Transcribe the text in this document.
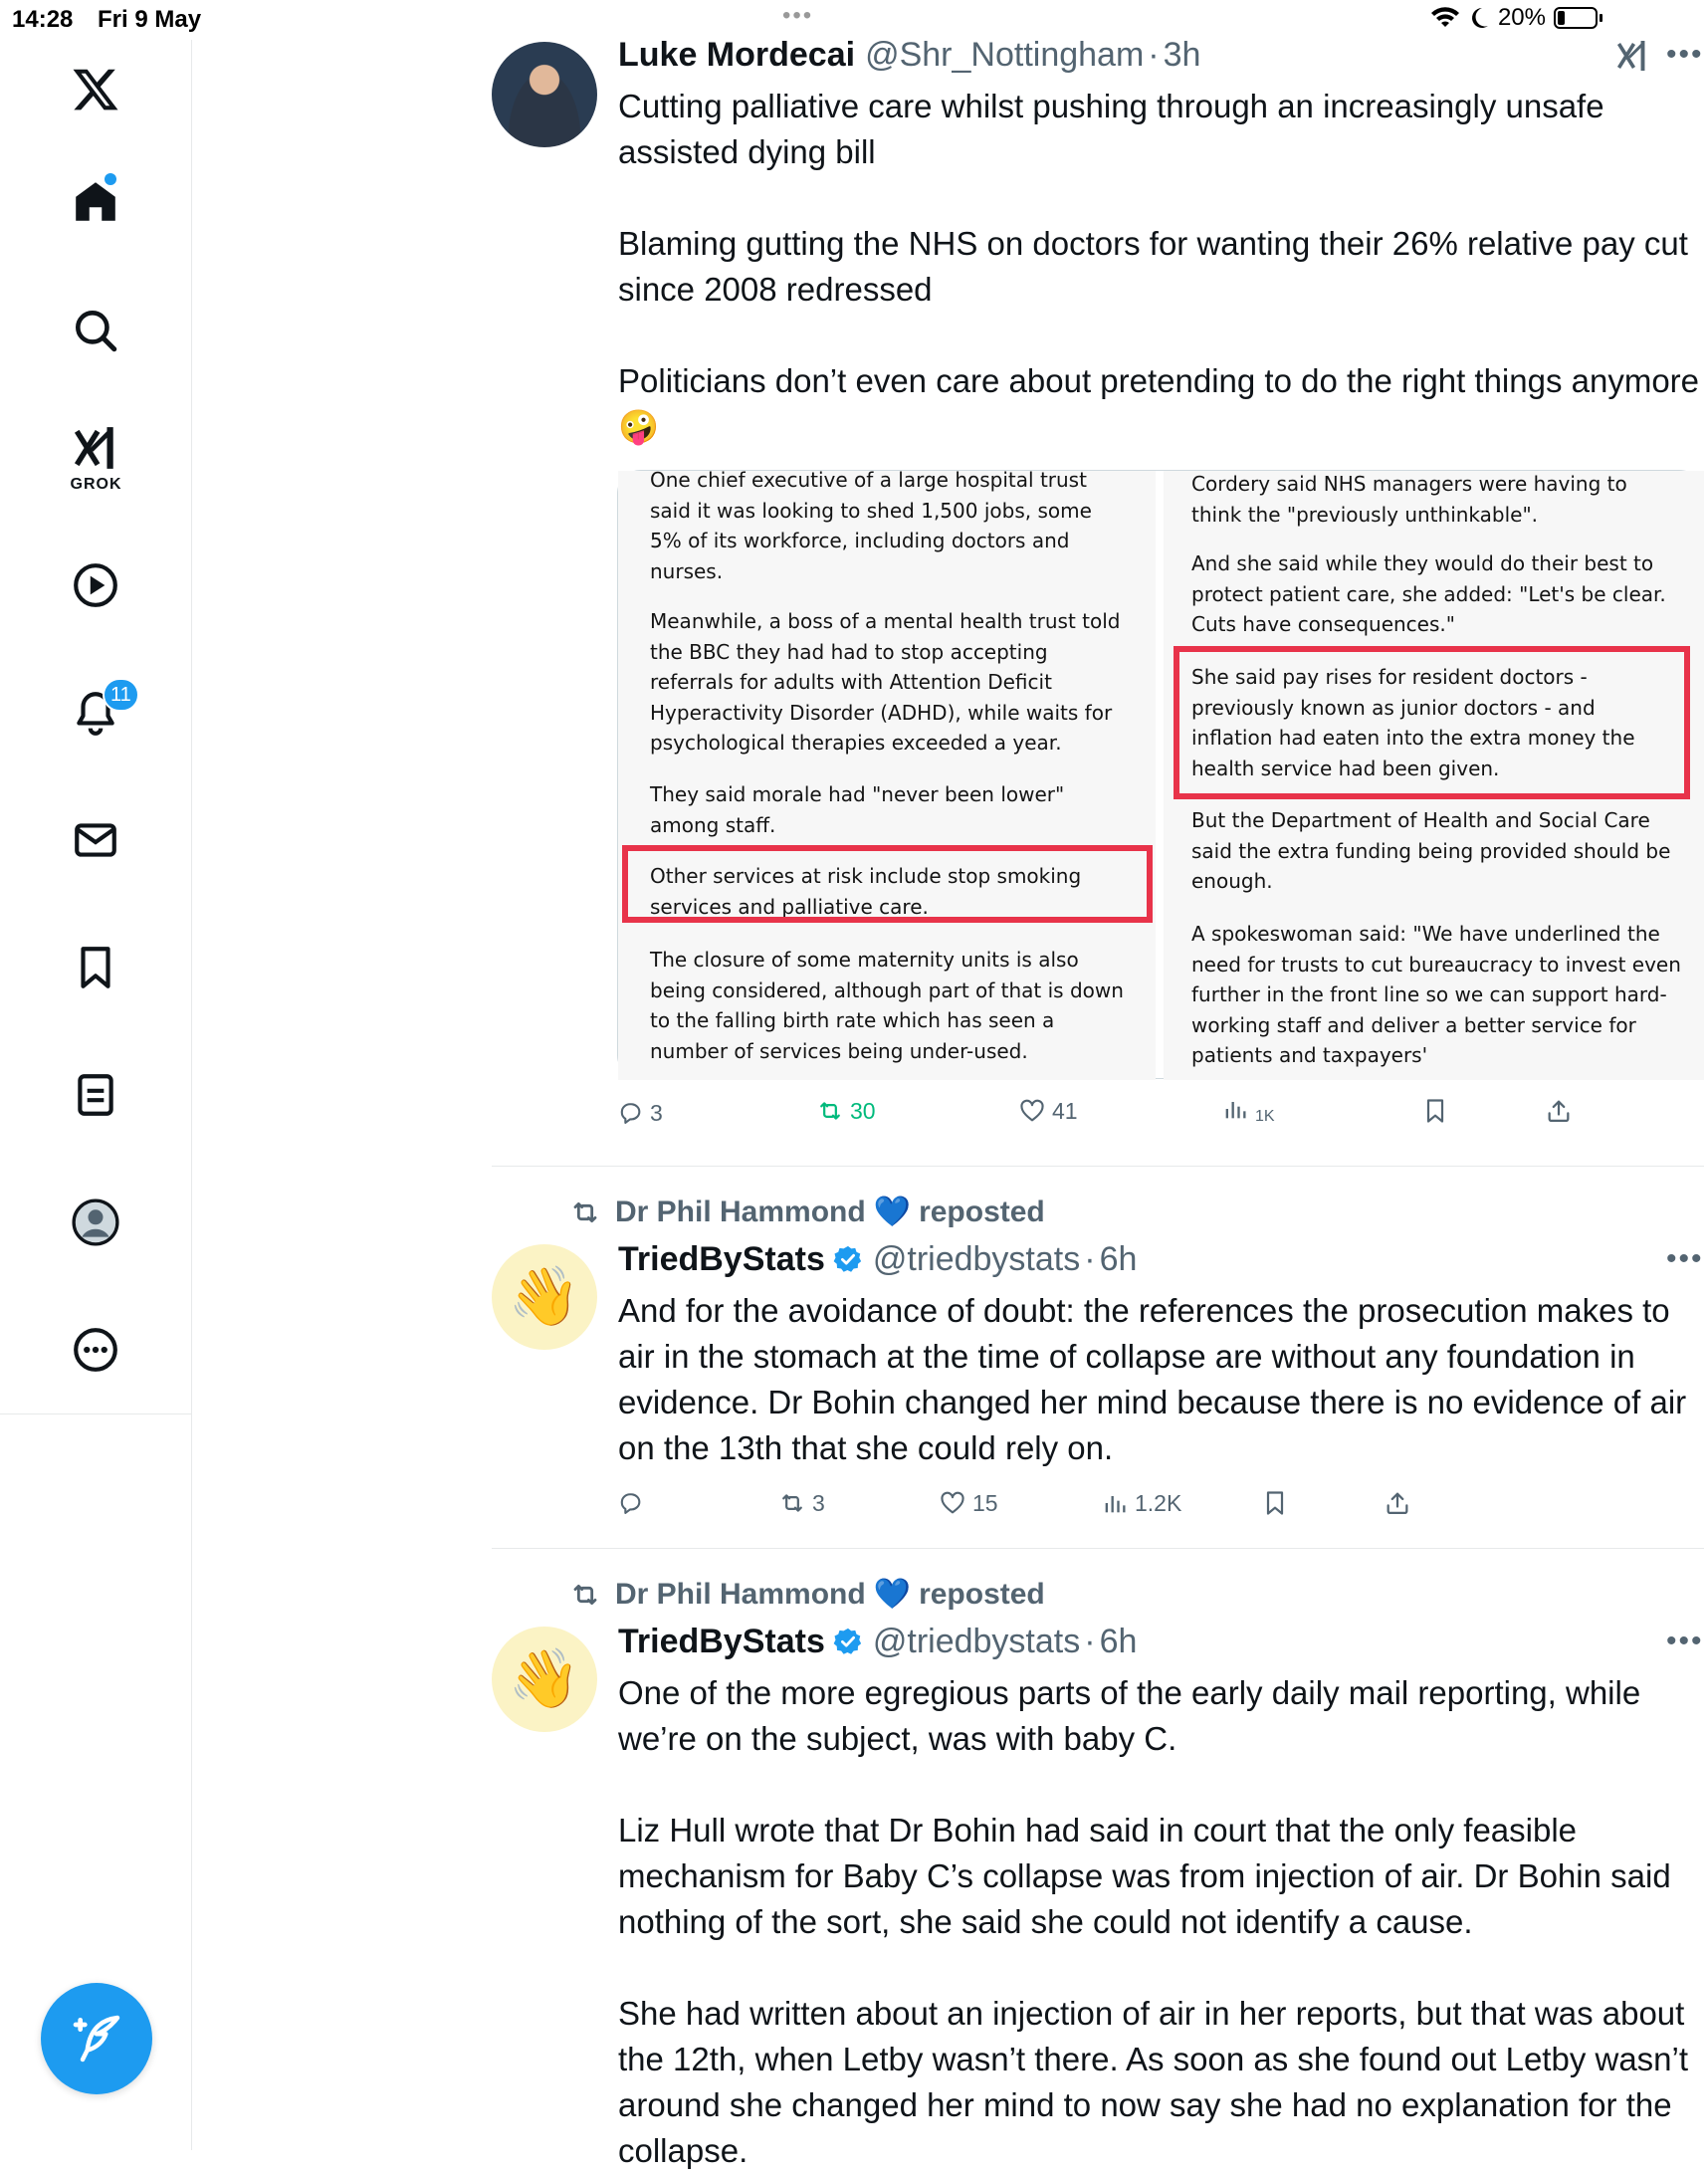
14:28 Fri 9 May	•••	20%
GROK
11
Luke Mordecai @Shr_Nottingham · 3h	•••

Cutting palliative care whilst pushing through an increasingly unsafe assisted dying bill

Blaming gutting the NHS on doctors for wanting their 26% relative pay cut since 2008 redressed

Politicians don’t even care about pretending to do the right things anymore 🤪

One chief executive of a large hospital trust said it was looking to shed 1,500 jobs, some 5% of its workforce, including doctors and nurses.
Meanwhile, a boss of a mental health trust told the BBC they had had to stop accepting referrals for adults with Attention Deficit Hyperactivity Disorder (ADHD), while waits for psychological therapies exceeded a year.
They said morale had "never been lower" among staff.
Other services at risk include stop smoking services and palliative care.
The closure of some maternity units is also being considered, although part of that is down to the falling birth rate which has seen a number of services being under-used.
Cordery said NHS managers were having to think the "previously unthinkable".
And she said while they would do their best to protect patient care, she added: "Let's be clear. Cuts have consequences."
She said pay rises for resident doctors - previously known as junior doctors - and inflation had eaten into the extra money the health service had been given.
But the Department of Health and Social Care said the extra funding being provided should be enough.
A spokeswoman said: "We have underlined the need for trusts to cut bureaucracy to invest even further in the front line so we can support hard-working staff and deliver a better service for patients and taxpayers'
3	30	41	1K
Dr Phil Hammond 💙 reposted
👋
TriedByStats @triedbystats · 6h	•••

And for the avoidance of doubt: the references the prosecution makes to air in the stomach at the time of collapse are without any foundation in evidence. Dr Bohin changed her mind because there is no evidence of air on the 13th that she could rely on.

3	15	1.2K
Dr Phil Hammond 💙 reposted
👋
TriedByStats @triedbystats · 6h	•••

One of the more egregious parts of the early daily mail reporting, while we’re on the subject, was with baby C.

Liz Hull wrote that Dr Bohin had said in court that the only feasible mechanism for Baby C’s collapse was from injection of air. Dr Bohin said nothing of the sort, she said she could not identify a cause.

She had written about an injection of air in her reports, but that was about the 12th, when Letby wasn’t there. As soon as she found out Letby wasn’t around she changed her mind to now say she had no explanation for the collapse.
